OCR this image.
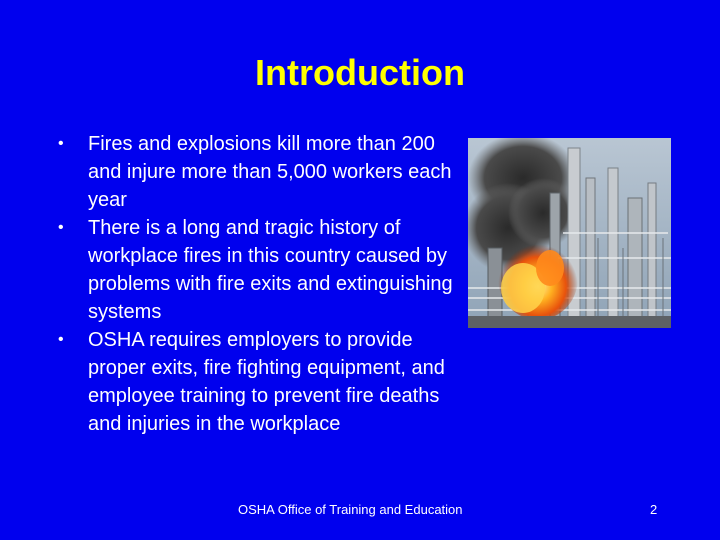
Introduction
• Fires and explosions kill more than 200 and injure more than 5,000 workers each year
• There is a long and tragic history of workplace fires in this country caused by problems with fire exits and extinguishing systems
• OSHA requires employers to provide proper exits, fire fighting equipment, and employee training to prevent fire deaths and injuries in the workplace
OSHA Office of Training and Education	2
